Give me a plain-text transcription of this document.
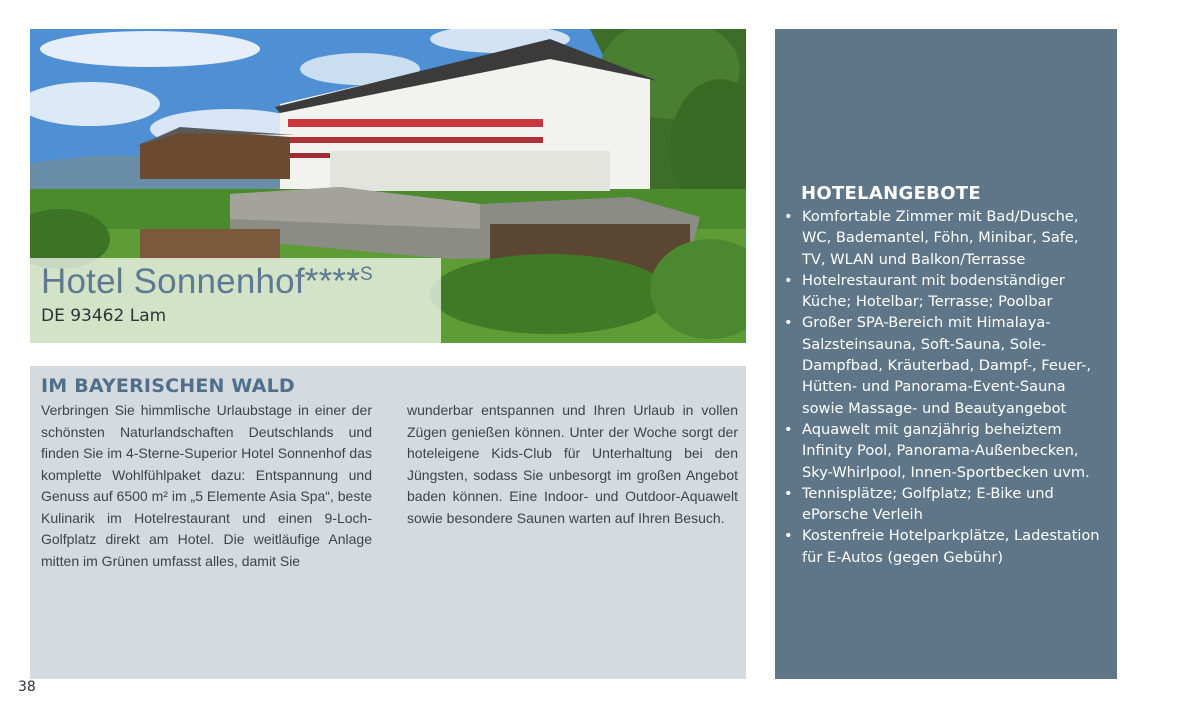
Hotel Sonnenhof****$^S$
DE 93462 Lam
IM BAYERISCHEN WALD
Verbringen Sie himmlische Urlaubstage in einer der schönsten Naturlandschaften Deutschlands und finden Sie im 4-Sterne-Superior Hotel Sonnenhof das komplette Wohlfühlpaket dazu: Entspannung und Genuss auf 6500 m² im „5 Elemente Asia Spa“, beste Kulinarik im Hotelrestaurant und einen 9-Loch-Golfplatz direkt am Hotel. Die weitläufige Anlage mitten im Grünen umfasst alles, damit Sie
wunderbar entspannen und Ihren Urlaub in vollen Zügen genießen können. Unter der Woche sorgt der hoteleigene Kids-Club für Unterhaltung bei den Jüngsten, sodass Sie unbesorgt im großen Angebot baden können. Eine Indoor- und Outdoor-Aquawelt sowie besondere Saunen warten auf Ihren Besuch.
HOTELANGEBOTE
• Komfortable Zimmer mit Bad/Dusche, WC, Bademantel, Föhn, Minibar, Safe, TV, WLAN und Balkon/Terrasse
• Hotelrestaurant mit bodenständiger Küche; Hotelbar; Terrasse; Poolbar
• Großer SPA-Bereich mit Himalaya-Salzsteinsauna, Soft-Sauna, Sole-Dampfbad, Kräuterbad, Dampf-, Feuer-, Hütten- und Panorama-Event-Sauna sowie Massage- und Beautyangebot
• Aquawelt mit ganzjährig beheiztem Infinity Pool, Panorama-Außenbecken, Sky-Whirlpool, Innen-Sportbecken uvm.
• Tennisplätze; Golfplatz; E-Bike und ePorsche Verleih
• Kostenfreie Hotelparkplätze, Ladestation für E-Autos (gegen Gebühr)
38
